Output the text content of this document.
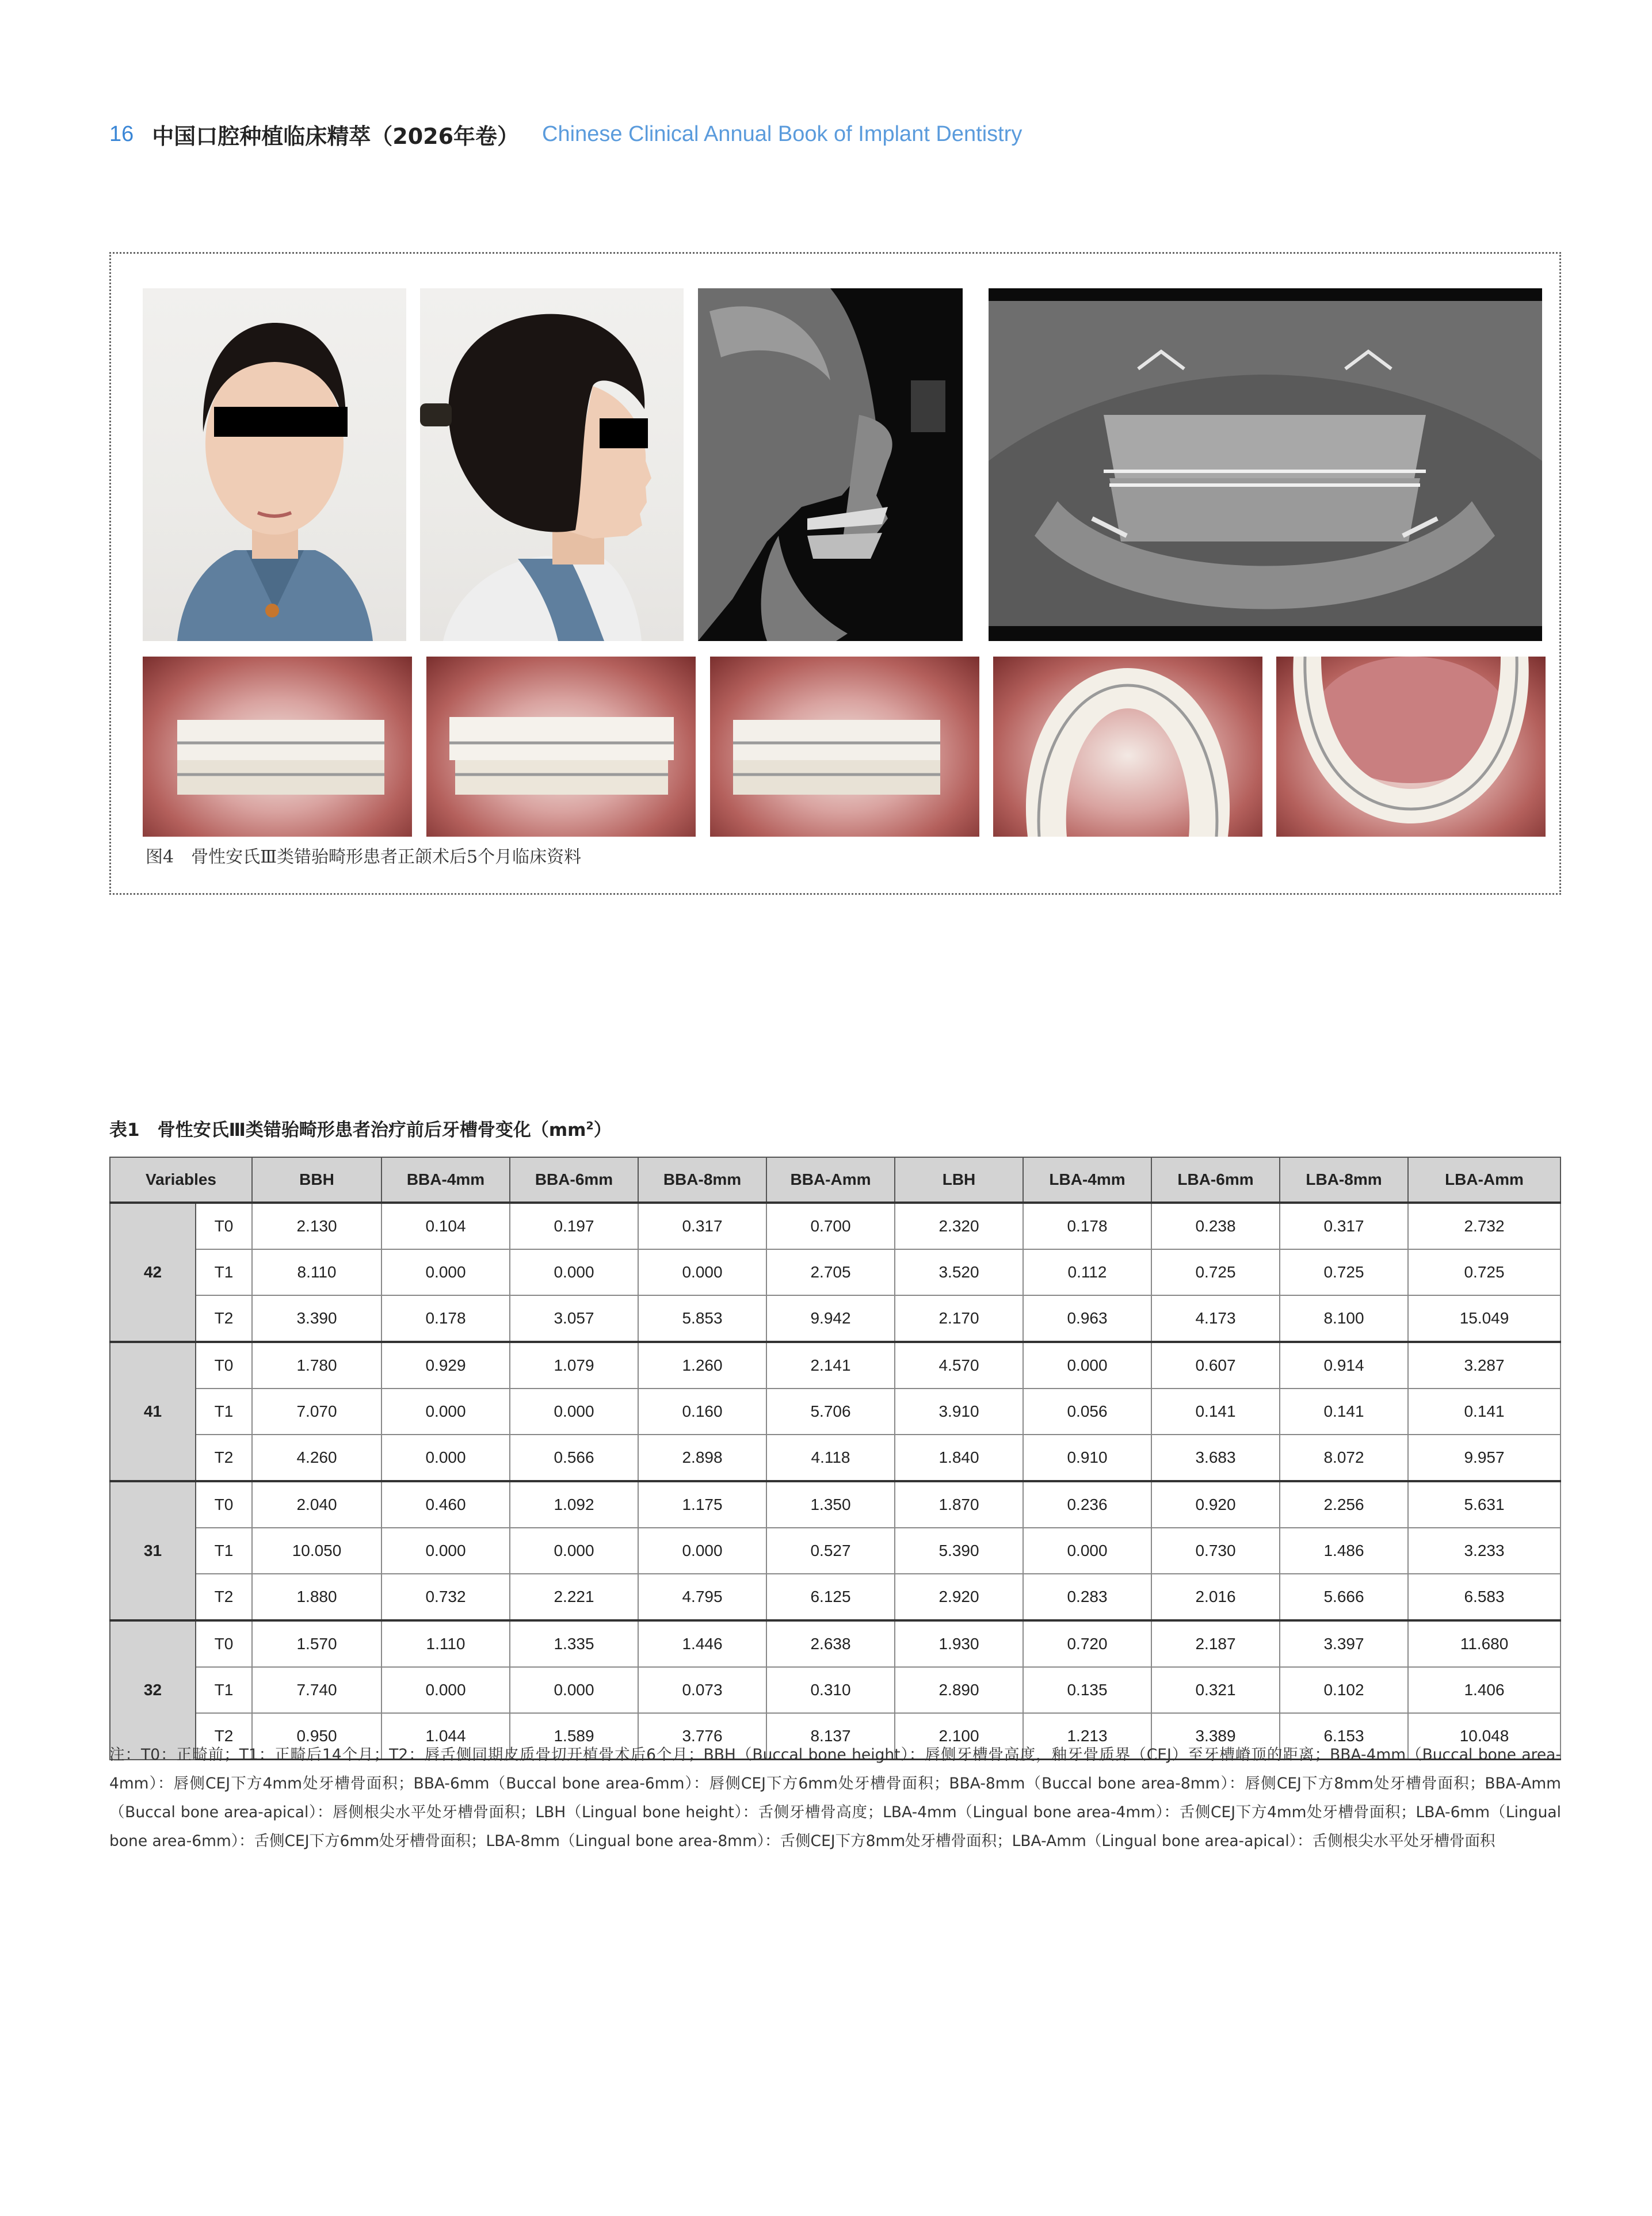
16 中国口腔种植临床精萃（2026年卷） Chinese Clinical Annual Book of Implant Dentistry
图4　骨性安氏Ⅲ类错骀畸形患者正颌术后5个月临床资料
表1　骨性安氏Ⅲ类错骀畸形患者治疗前后牙槽骨变化$(mm^2)$
Variables		BBH	BBA-4mm	BBA-6mm	BBA-8mm	BBA-Amm	LBH	LBA-4mm	LBA-6mm	LBA-8mm	LBA-Amm
42	T0	2.130	0.104	0.197	0.317	0.700	2.320	0.178	0.238	0.317	2.732
	T1	8.110	0.000	0.000	0.000	2.705	3.520	0.112	0.725	0.725	0.725
	T2	3.390	0.178	3.057	5.853	9.942	2.170	0.963	4.173	8.100	15.049
41	T0	1.780	0.929	1.079	1.260	2.141	4.570	0.000	0.607	0.914	3.287
	T1	7.070	0.000	0.000	0.160	5.706	3.910	0.056	0.141	0.141	0.141
	T2	4.260	0.000	0.566	2.898	4.118	1.840	0.910	3.683	8.072	9.957
31	T0	2.040	0.460	1.092	1.175	1.350	1.870	0.236	0.920	2.256	5.631
	T1	10.050	0.000	0.000	0.000	0.527	5.390	0.000	0.730	1.486	3.233
	T2	1.880	0.732	2.221	4.795	6.125	2.920	0.283	2.016	5.666	6.583
32	T0	1.570	1.110	1.335	1.446	2.638	1.930	0.720	2.187	3.397	11.680
	T1	7.740	0.000	0.000	0.073	0.310	2.890	0.135	0.321	0.102	1.406
	T2	0.950	1.044	1.589	3.776	8.137	2.100	1.213	3.389	6.153	10.048
注：T0：正畸前；T1：正畸后14个月；T2：唇舌侧同期皮质骨切开植骨术后6个月；BBH（Buccal bone height）：唇侧牙槽骨高度，釉牙骨质界（CEJ）至牙槽嵴顶的距离；BBA-4mm（Buccal bone area-4mm）：唇侧CEJ下方4mm处牙槽骨面积；BBA-6mm（Buccal bone area-6mm）：唇侧CEJ下方6mm处牙槽骨面积；BBA-8mm（Buccal bone area-8mm）：唇侧CEJ下方8mm处牙槽骨面积；BBA-Amm（Buccal bone area-apical）：唇侧根尖水平处牙槽骨面积；LBH（Lingual bone height）：舌侧牙槽骨高度；LBA-4mm（Lingual bone area-4mm）：舌侧CEJ下方4mm处牙槽骨面积；LBA-6mm（Lingual bone area-6mm）：舌侧CEJ下方6mm处牙槽骨面积；LBA-8mm（Lingual bone area-8mm）：舌侧CEJ下方8mm处牙槽骨面积；LBA-Amm（Lingual bone area-apical）：舌侧根尖水平处牙槽骨面积
